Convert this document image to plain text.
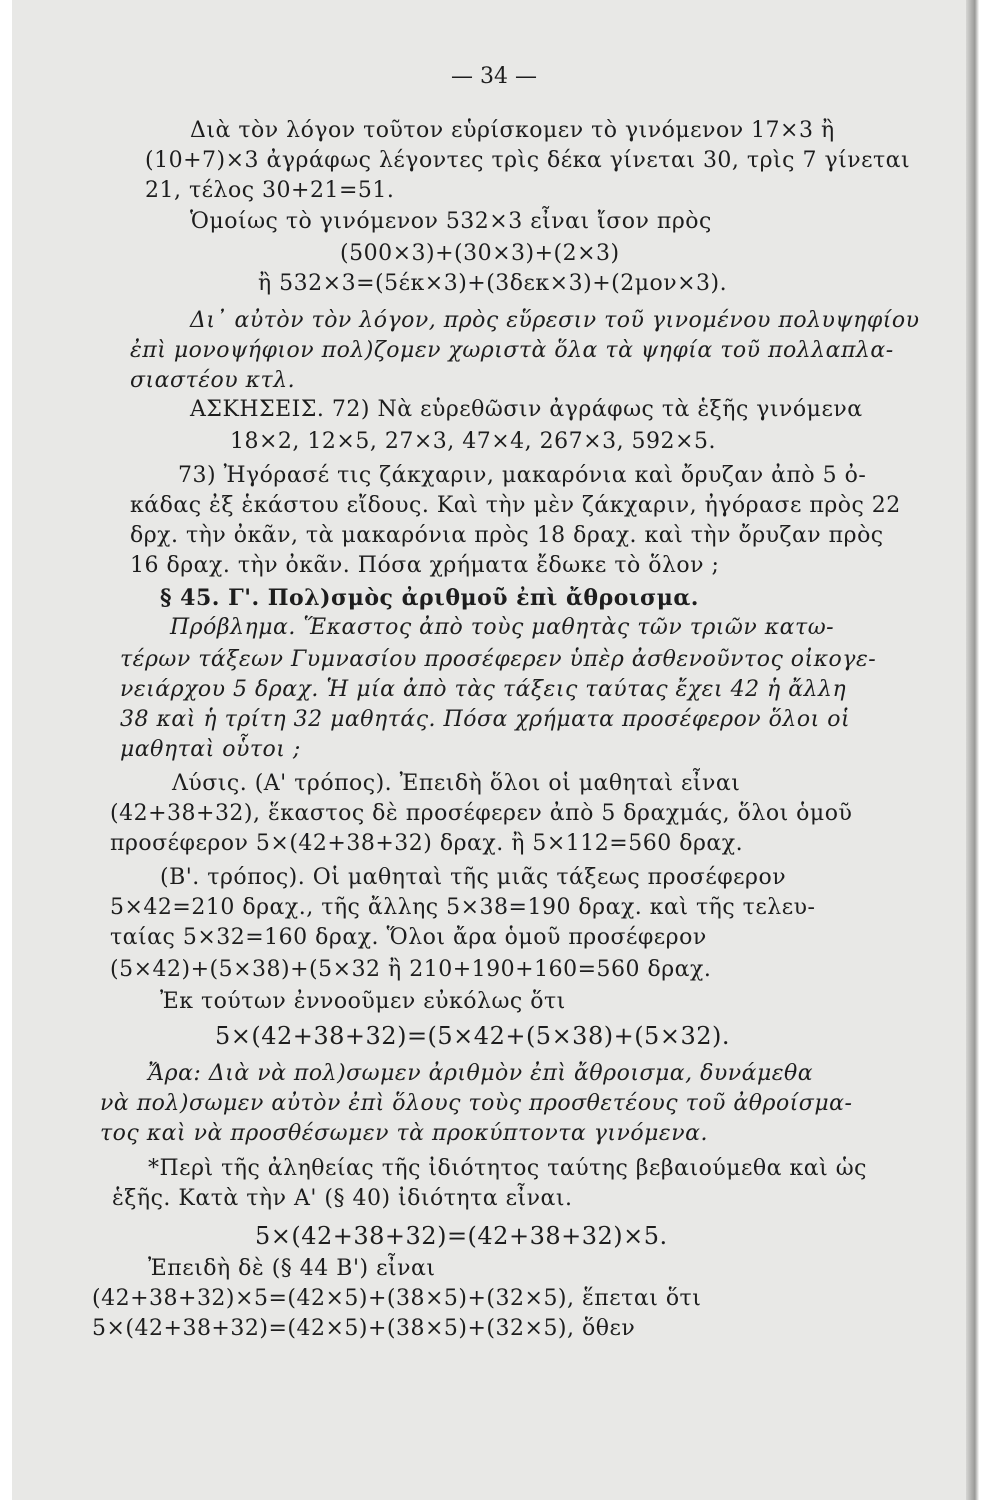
— 34 —
Διὰ τὸν λόγον τοῦτον εὑρίσκομεν τὸ γινόμενον 17×3 ἢ
(10+7)×3 ἀγράφως λέγοντες τρὶς δέκα γίνεται 30, τρὶς 7 γίνεται
21, τέλος 30+21=51.
Ὁμοίως τὸ γινόμενον 532×3 εἶναι ἴσον πρὸς
(500×3)+(30×3)+(2×3)
ἢ 532×3=(5έκ×3)+(3δεκ×3)+(2μον×3).
Δι᾽ αὐτὸν τὸν λόγον, πρὸς εὕρεσιν τοῦ γινομένου πολυψηφίου
ἐπὶ μονοψήφιον πολ)ζομεν χωριστὰ ὅλα τὰ ψηφία τοῦ πολλαπλα-
σιαστέου κτλ.
ΑΣΚΗΣΕΙΣ. 72) Νὰ εὑρεθῶσιν ἀγράφως τὰ ἑξῆς γινόμενα
18×2, 12×5, 27×3, 47×4, 267×3, 592×5.
73) Ἠγόρασέ τις ζάκχαριν, μακαρόνια καὶ ὄρυζαν ἀπὸ 5 ὀ-
κάδας ἐξ ἑκάστου εἴδους. Καὶ τὴν μὲν ζάκχαριν, ἠγόρασε πρὸς 22
δρχ. τὴν ὀκᾶν, τὰ μακαρόνια πρὸς 18 δραχ. καὶ τὴν ὄρυζαν πρὸς
16 δραχ. τὴν ὀκᾶν. Πόσα χρήματα ἔδωκε τὸ ὅλον ;
§ 45. Γ'. Πολ)σμὸς ἀριθμοῦ ἐπὶ ἄθροισμα.
Πρόβλημα. Ἕκαστος ἀπὸ τοὺς μαθητὰς τῶν τριῶν κατω-
τέρων τάξεων Γυμνασίου προσέφερεν ὑπὲρ ἀσθενοῦντος οἰκογε-
νειάρχου 5 δραχ. Ἡ μία ἀπὸ τὰς τάξεις ταύτας ἔχει 42 ἡ ἄλλη
38 καὶ ἡ τρίτη 32 μαθητάς. Πόσα χρήματα προσέφερον ὅλοι οἱ
μαθηταὶ οὗτοι ;
Λύσις. (Α' τρόπος). Ἐπειδὴ ὅλοι οἱ μαθηταὶ εἶναι
(42+38+32), ἕκαστος δὲ προσέφερεν ἀπὸ 5 δραχμάς, ὅλοι ὁμοῦ
προσέφερον 5×(42+38+32) δραχ. ἢ 5×112=560 δραχ.
(Β'. τρόπος). Οἱ μαθηταὶ τῆς μιᾶς τάξεως προσέφερον
5×42=210 δραχ., τῆς ἄλλης 5×38=190 δραχ. καὶ τῆς τελευ-
ταίας 5×32=160 δραχ. Ὅλοι ἄρα ὁμοῦ προσέφερον
(5×42)+(5×38)+(5×32 ἢ 210+190+160=560 δραχ.
Ἐκ τούτων ἐννοοῦμεν εὐκόλως ὅτι
5×(42+38+32)=(5×42+(5×38)+(5×32).
Ἄρα: Διὰ νὰ πολ)σωμεν ἀριθμὸν ἐπὶ ἄθροισμα, δυνάμεθα
νὰ πολ)σωμεν αὐτὸν ἐπὶ ὅλους τοὺς προσθετέους τοῦ ἀθροίσμα-
τος καὶ νὰ προσθέσωμεν τὰ προκύπτοντα γινόμενα.
*Περὶ τῆς ἀληθείας τῆς ἰδιότητος ταύτης βεβαιούμεθα καὶ ὡς
ἑξῆς. Κατὰ τὴν Α' (§ 40) ἰδιότητα εἶναι.
5×(42+38+32)=(42+38+32)×5.
Ἐπειδὴ δὲ (§ 44 Β') εἶναι
(42+38+32)×5=(42×5)+(38×5)+(32×5), ἕπεται ὅτι
5×(42+38+32)=(42×5)+(38×5)+(32×5), ὅθεν
